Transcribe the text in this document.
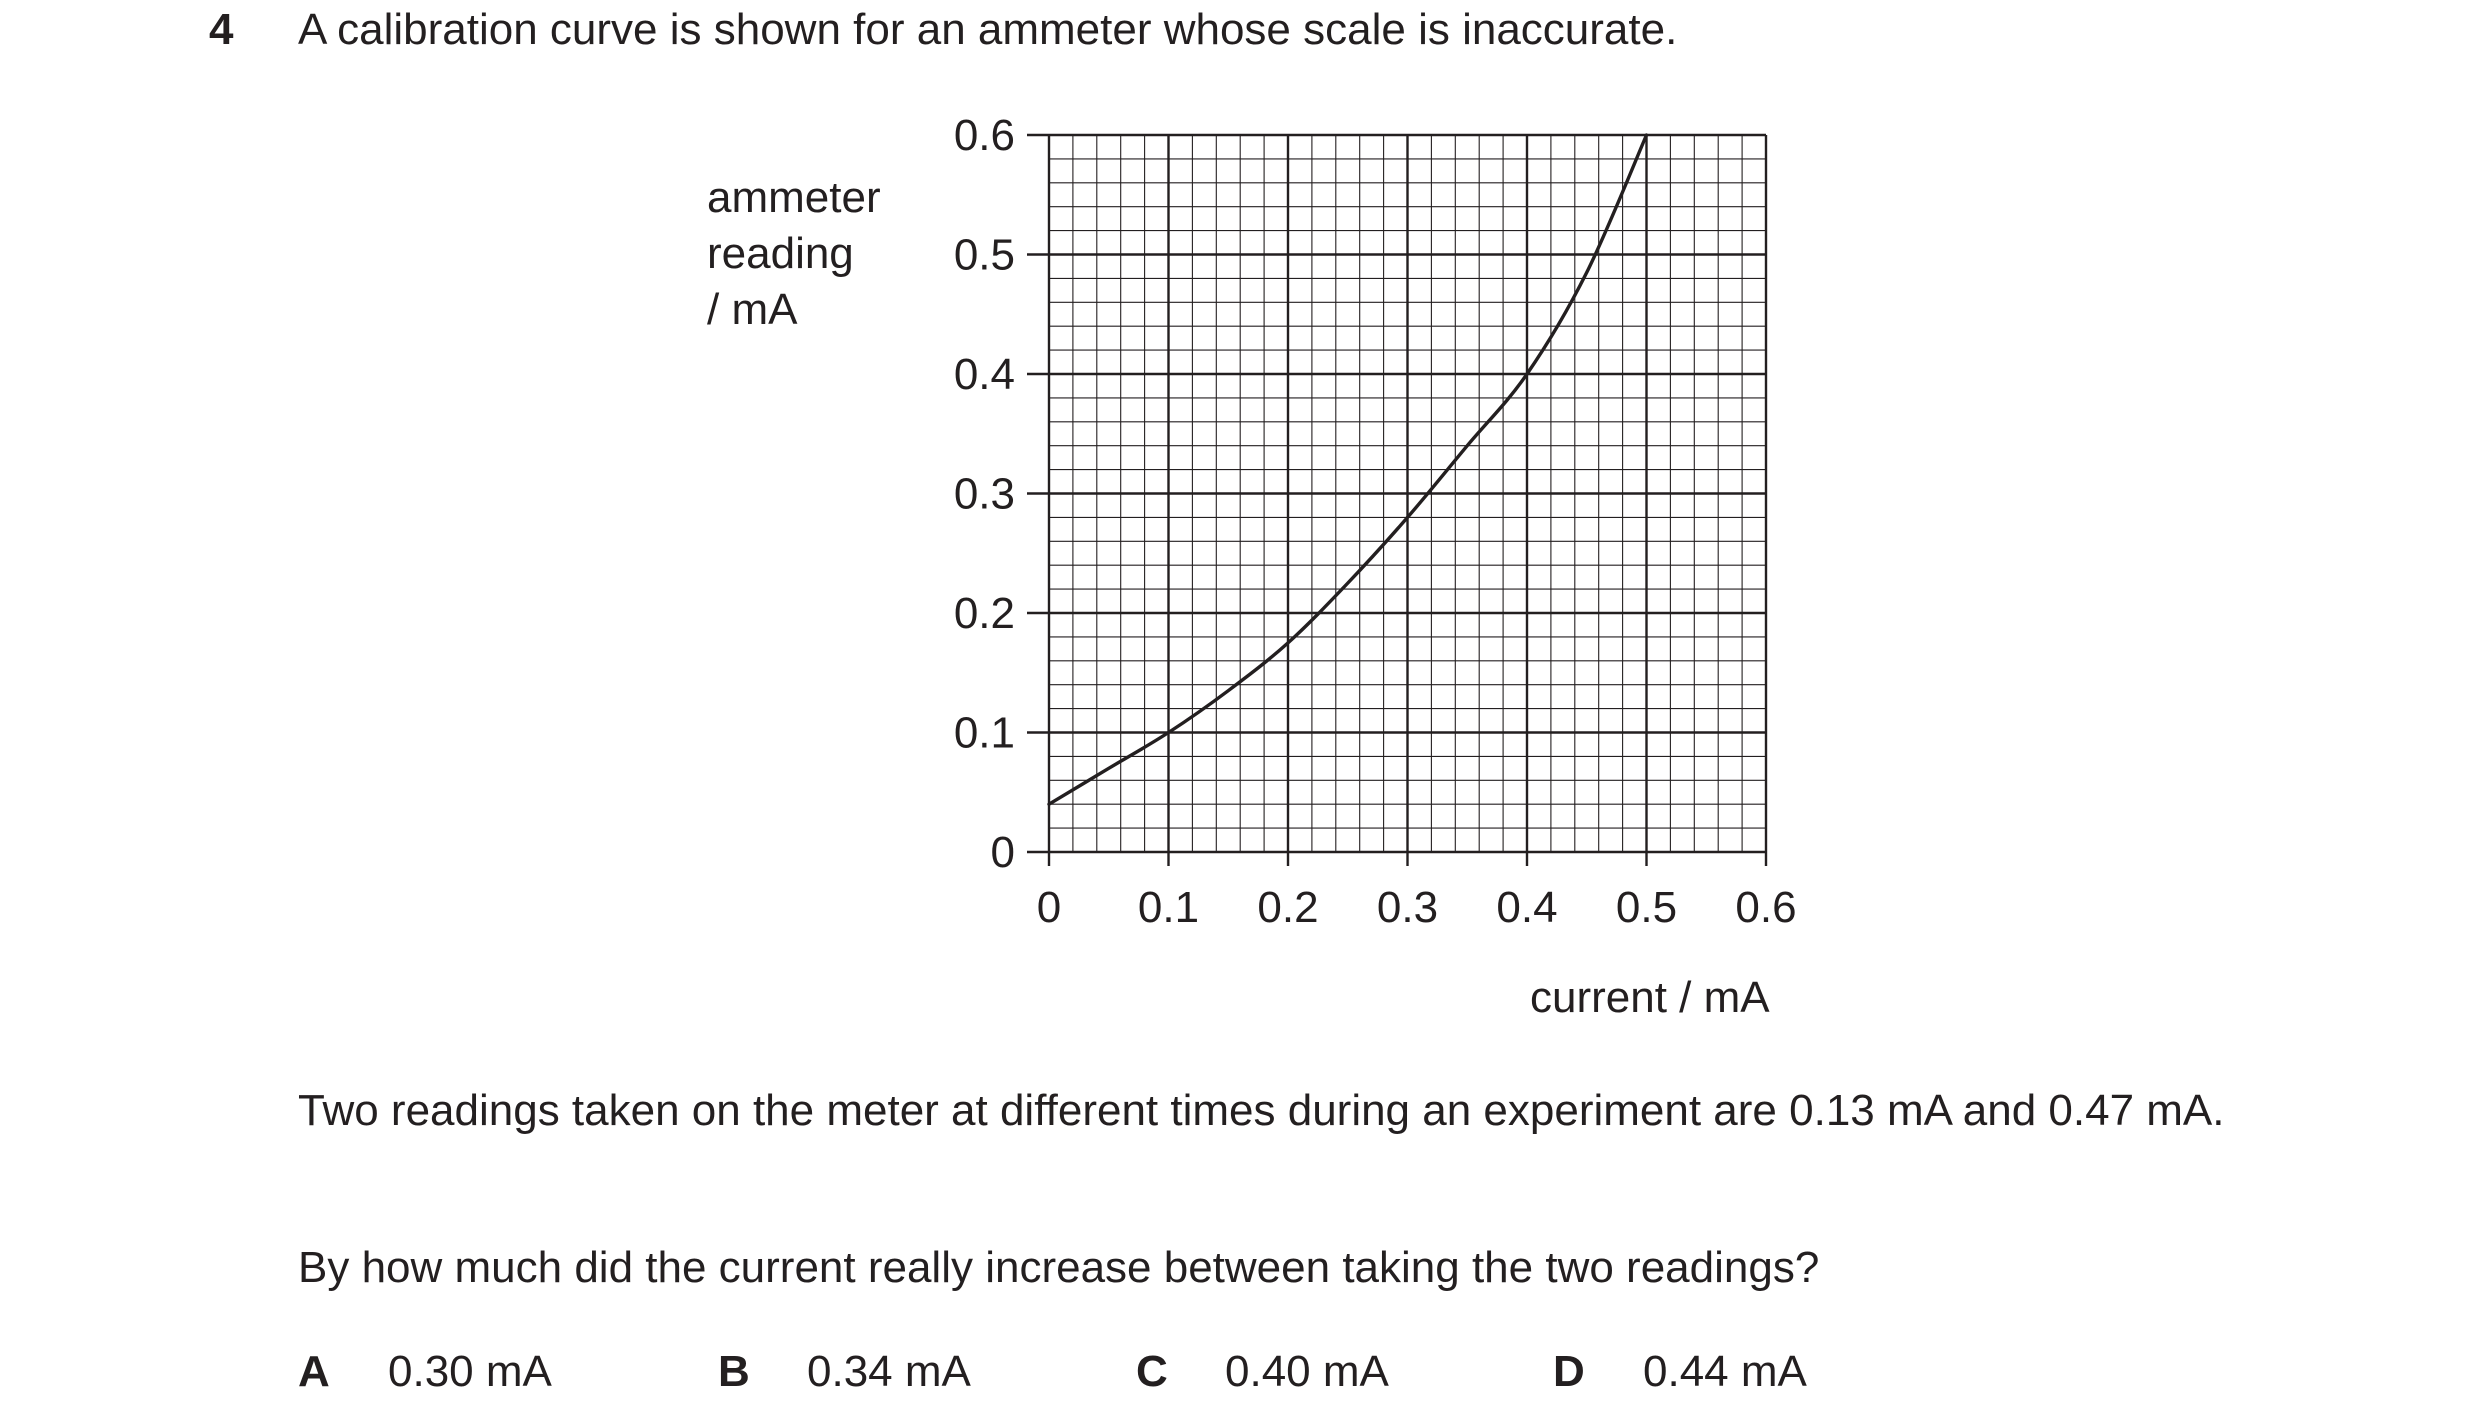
4 A calibration curve is shown for an ammeter whose scale is inaccurate.
ammeter
reading
/ mA
0 0.1 0.2 0.3 0.4 0.5 0.6
0
0.1
0.2
0.3
0.4
0.5
0.6
current / mA
Two readings taken on the meter at different times during an experiment are 0.13 mA and 0.47 mA.
By how much did the current really increase between taking the two readings?
A 0.30 mA	B 0.34 mA	C 0.40 mA	D 0.44 mA
